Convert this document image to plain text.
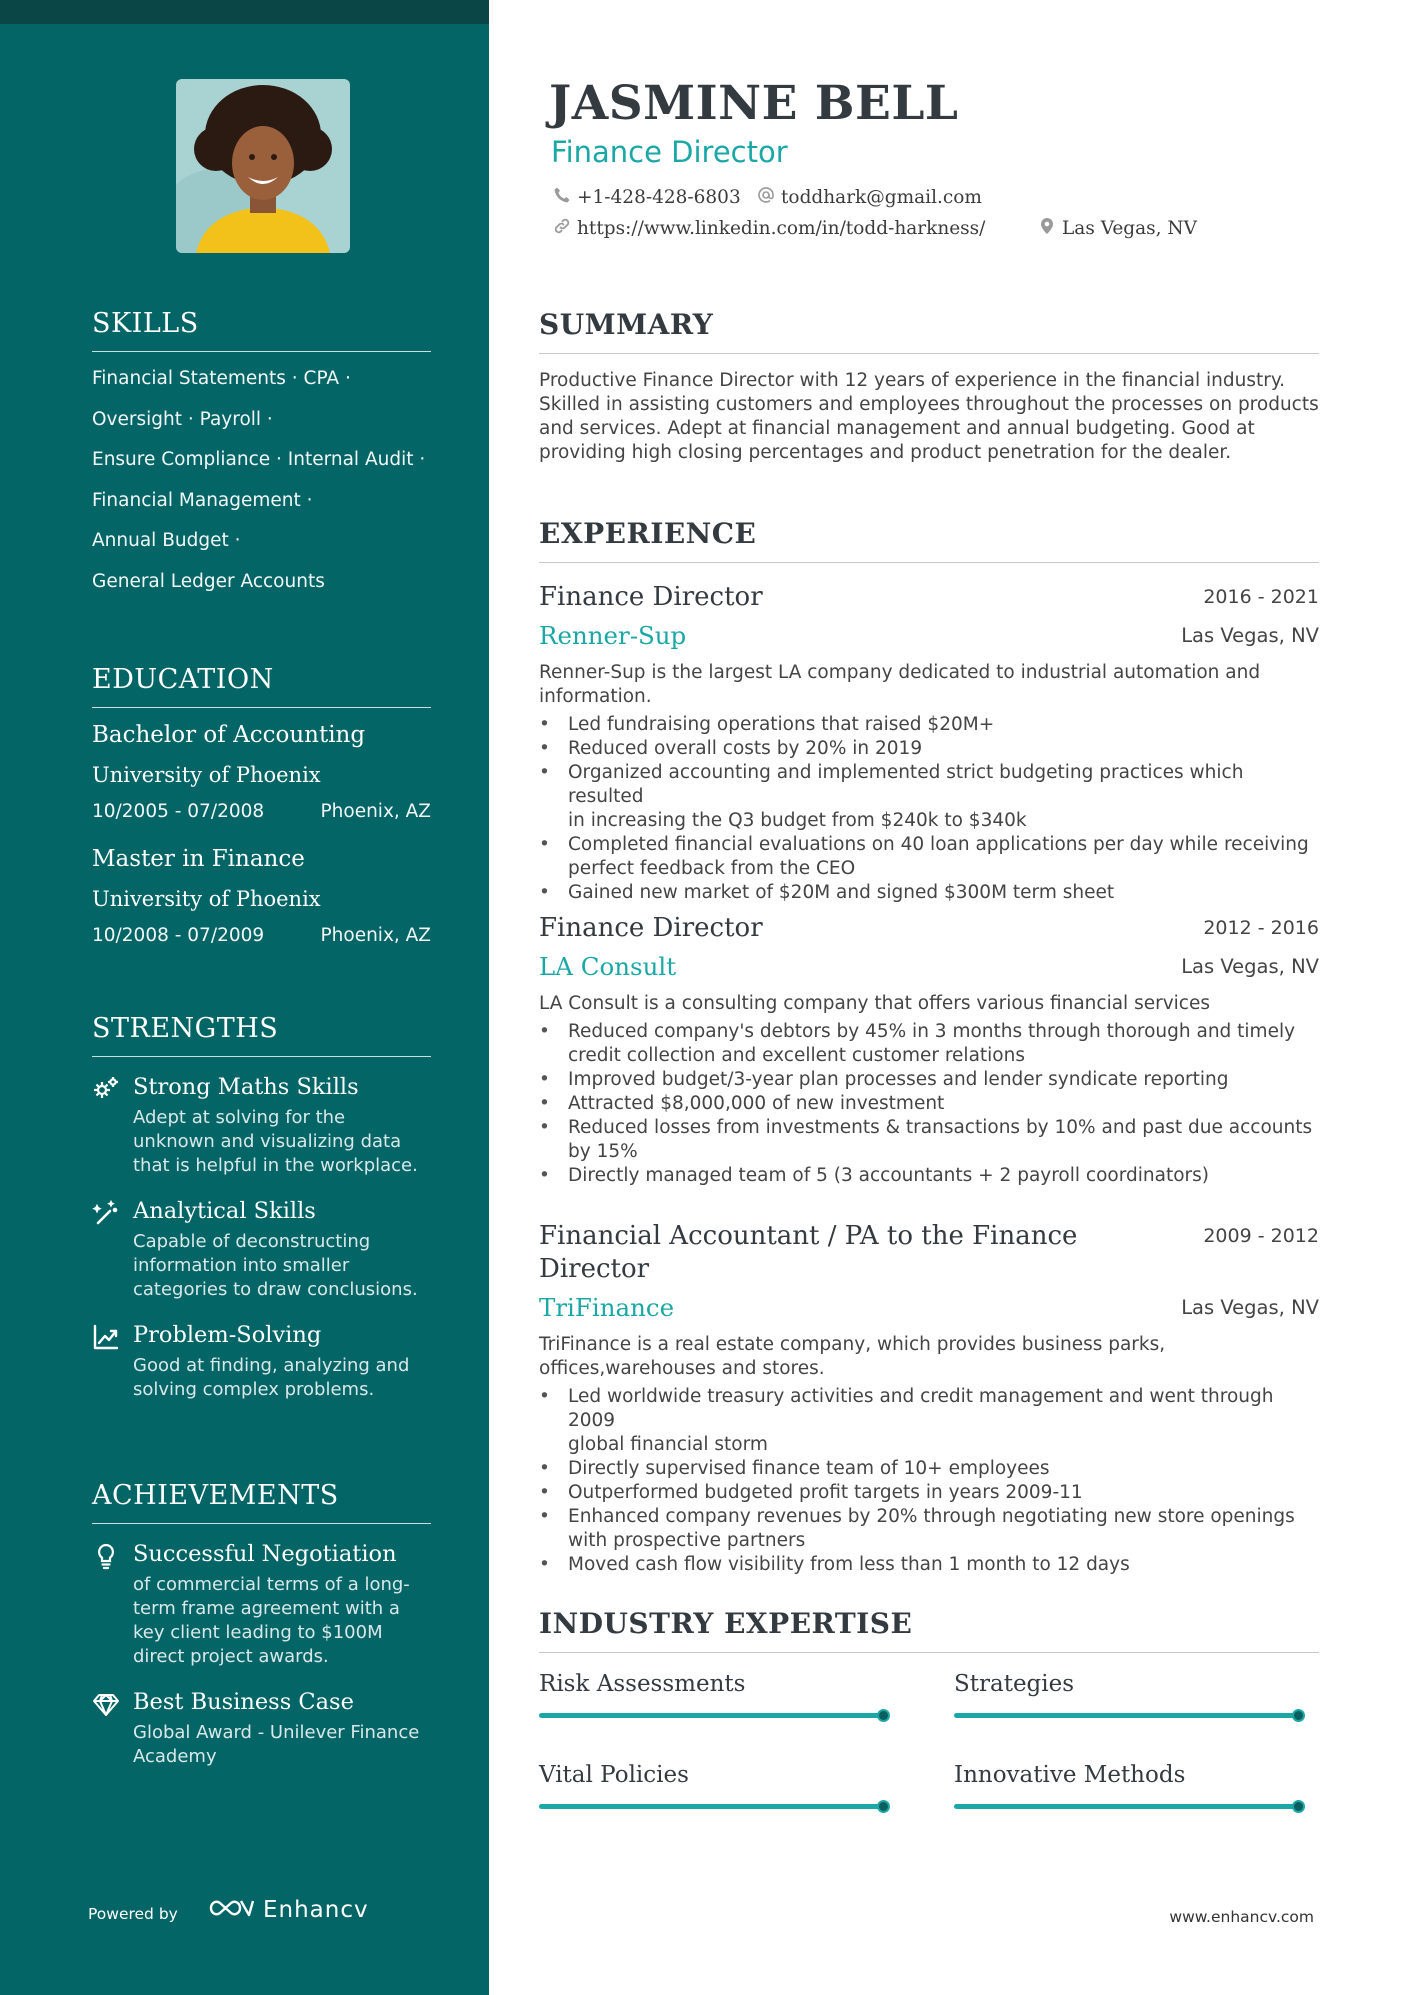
SKILLS
Financial Statements · CPA ·
Oversight · Payroll ·
Ensure Compliance · Internal Audit ·
Financial Management ·
Annual Budget ·
General Ledger Accounts
EDUCATION
Bachelor of Accounting
University of Phoenix
10/2005 - 07/2008	Phoenix, AZ
Master in Finance
University of Phoenix
10/2008 - 07/2009	Phoenix, AZ
STRENGTHS
Strong Maths Skills
Adept at solving for the
unknown and visualizing data
that is helpful in the workplace.
Analytical Skills
Capable of deconstructing
information into smaller
categories to draw conclusions.
Problem-Solving
Good at finding, analyzing and
solving complex problems.
ACHIEVEMENTS
Successful Negotiation
of commercial terms of a long-
term frame agreement with a
key client leading to $100M
direct project awards.
Best Business Case
Global Award - Unilever Finance
Academy
Powered by	Enhancv
JASMINE BELL
Finance Director
+1-428-428-6803 toddhark@gmail.com
https://www.linkedin.com/in/todd-harkness/	Las Vegas, NV
SUMMARY
Productive Finance Director with 12 years of experience in the financial industry.
Skilled in assisting customers and employees throughout the processes on products
and services. Adept at financial management and annual budgeting. Good at
providing high closing percentages and product penetration for the dealer.
EXPERIENCE
Finance Director	2016 - 2021
Renner-Sup	Las Vegas, NV
Renner-Sup is the largest LA company dedicated to industrial automation and
information.
• Led fundraising operations that raised $20M+
• Reduced overall costs by 20% in 2019
• Organized accounting and implemented strict budgeting practices which resulted
in increasing the Q3 budget from $240k to $340k
• Completed financial evaluations on 40 loan applications per day while receiving
perfect feedback from the CEO
• Gained new market of $20M and signed $300M term sheet
Finance Director	2012 - 2016
LA Consult	Las Vegas, NV
LA Consult is a consulting company that offers various financial services
• Reduced company's debtors by 45% in 3 months through thorough and timely
credit collection and excellent customer relations
• Improved budget/3-year plan processes and lender syndicate reporting
• Attracted $8,000,000 of new investment
• Reduced losses from investments & transactions by 10% and past due accounts
by 15%
• Directly managed team of 5 (3 accountants + 2 payroll coordinators)
Financial Accountant / PA to the Finance
Director
2009 - 2012
TriFinance	Las Vegas, NV
TriFinance is a real estate company, which provides business parks,
offices,warehouses and stores.
• Led worldwide treasury activities and credit management and went through 2009
global financial storm
• Directly supervised finance team of 10+ employees
• Outperformed budgeted profit targets in years 2009-11
• Enhanced company revenues by 20% through negotiating new store openings
with prospective partners
• Moved cash flow visibility from less than 1 month to 12 days
INDUSTRY EXPERTISE
Risk Assessments	Strategies
Vital Policies	Innovative Methods
www.enhancv.com
